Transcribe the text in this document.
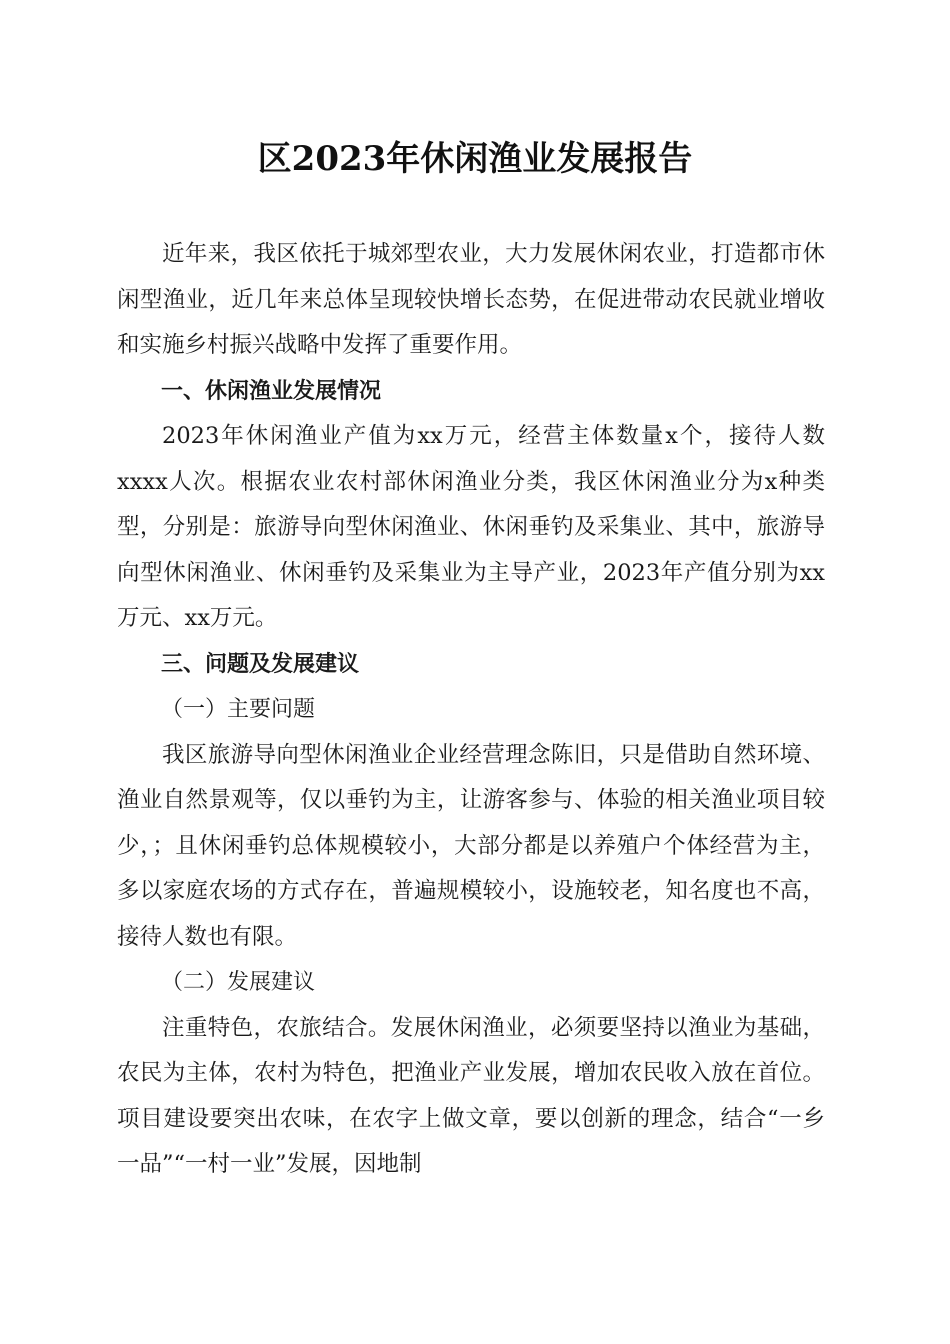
区2023年休闲渔业发展报告

近年来，我区依托于城郊型农业，大力发展休闲农业，打造都市休闲型渔业，近几年来总体呈现较快增长态势，在促进带动农民就业增收和实施乡村振兴战略中发挥了重要作用。

一、休闲渔业发展情况

2023年休闲渔业产值为xx万元，经营主体数量x个，接待人数xxxx人次。根据农业农村部休闲渔业分类，我区休闲渔业分为x种类型，分别是：旅游导向型休闲渔业、休闲垂钓及采集业、其中，旅游导向型休闲渔业、休闲垂钓及采集业为主导产业，2023年产值分别为xx万元、xx万元。

三、问题及发展建议

（一）主要问题

我区旅游导向型休闲渔业企业经营理念陈旧，只是借助自然环境、渔业自然景观等，仅以垂钓为主，让游客参与、体验的相关渔业项目较少，；且休闲垂钓总体规模较小，大部分都是以养殖户个体经营为主，多以家庭农场的方式存在，普遍规模较小，设施较老，知名度也不高，接待人数也有限。

（二）发展建议

注重特色，农旅结合。发展休闲渔业，必须要坚持以渔业为基础，农民为主体，农村为特色，把渔业产业发展，增加农民收入放在首位。项目建设要突出农味，在农字上做文章，要以创新的理念，结合“一乡一品”“一村一业”发展，因地制
